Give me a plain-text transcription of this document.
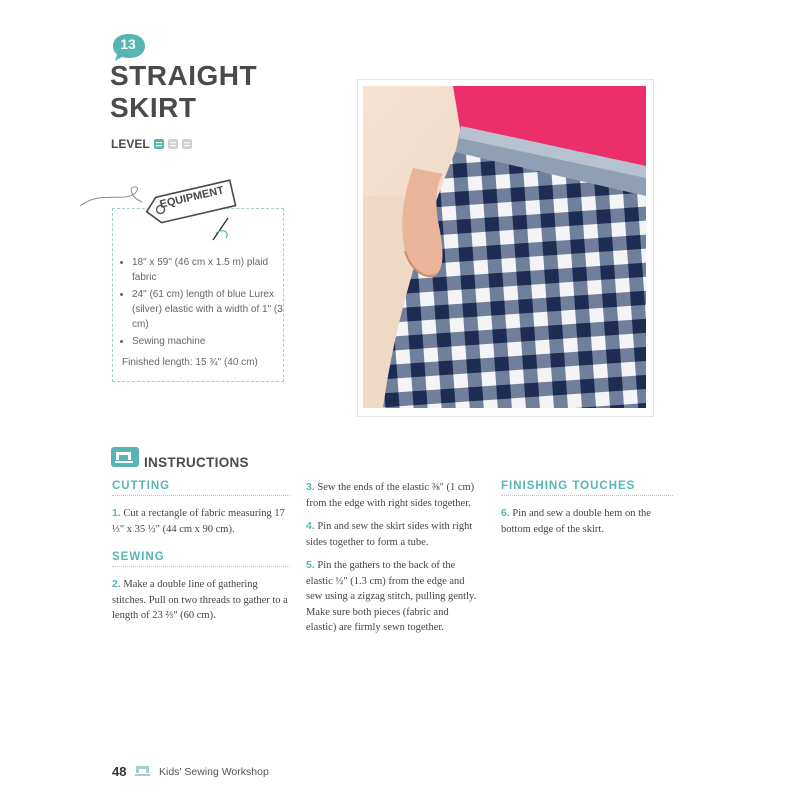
13
STRAIGHT
SKIRT
LEVEL
EQUIPMENT
• 18" x 59" (46 cm x 1.5 m) plaid fabric
• 24" (61 cm) length of blue Lurex (silver) elastic with a width of 1" (3 cm)
• Sewing machine
Finished length: 15 ¾" (40 cm)
INSTRUCTIONS
CUTTING

1. Cut a rectangle of fabric measuring 17 ⅓" x 35 ½" (44 cm x 90 cm).

SEWING

2. Make a double line of gathering stitches. Pull on two threads to gather to a length of 23 ⅔" (60 cm).

3. Sew the ends of the elastic ⅜" (1 cm) from the edge with right sides together.

4. Pin and sew the skirt sides with right sides together to form a tube.

5. Pin the gathers to the back of the elastic ½" (1.3 cm) from the edge and sew using a zigzag stitch, pulling gently. Make sure both pieces (fabric and elastic) are firmly sewn together.

FINISHING TOUCHES

6. Pin and sew a double hem on the bottom edge of the skirt.

48	Kids' Sewing Workshop
